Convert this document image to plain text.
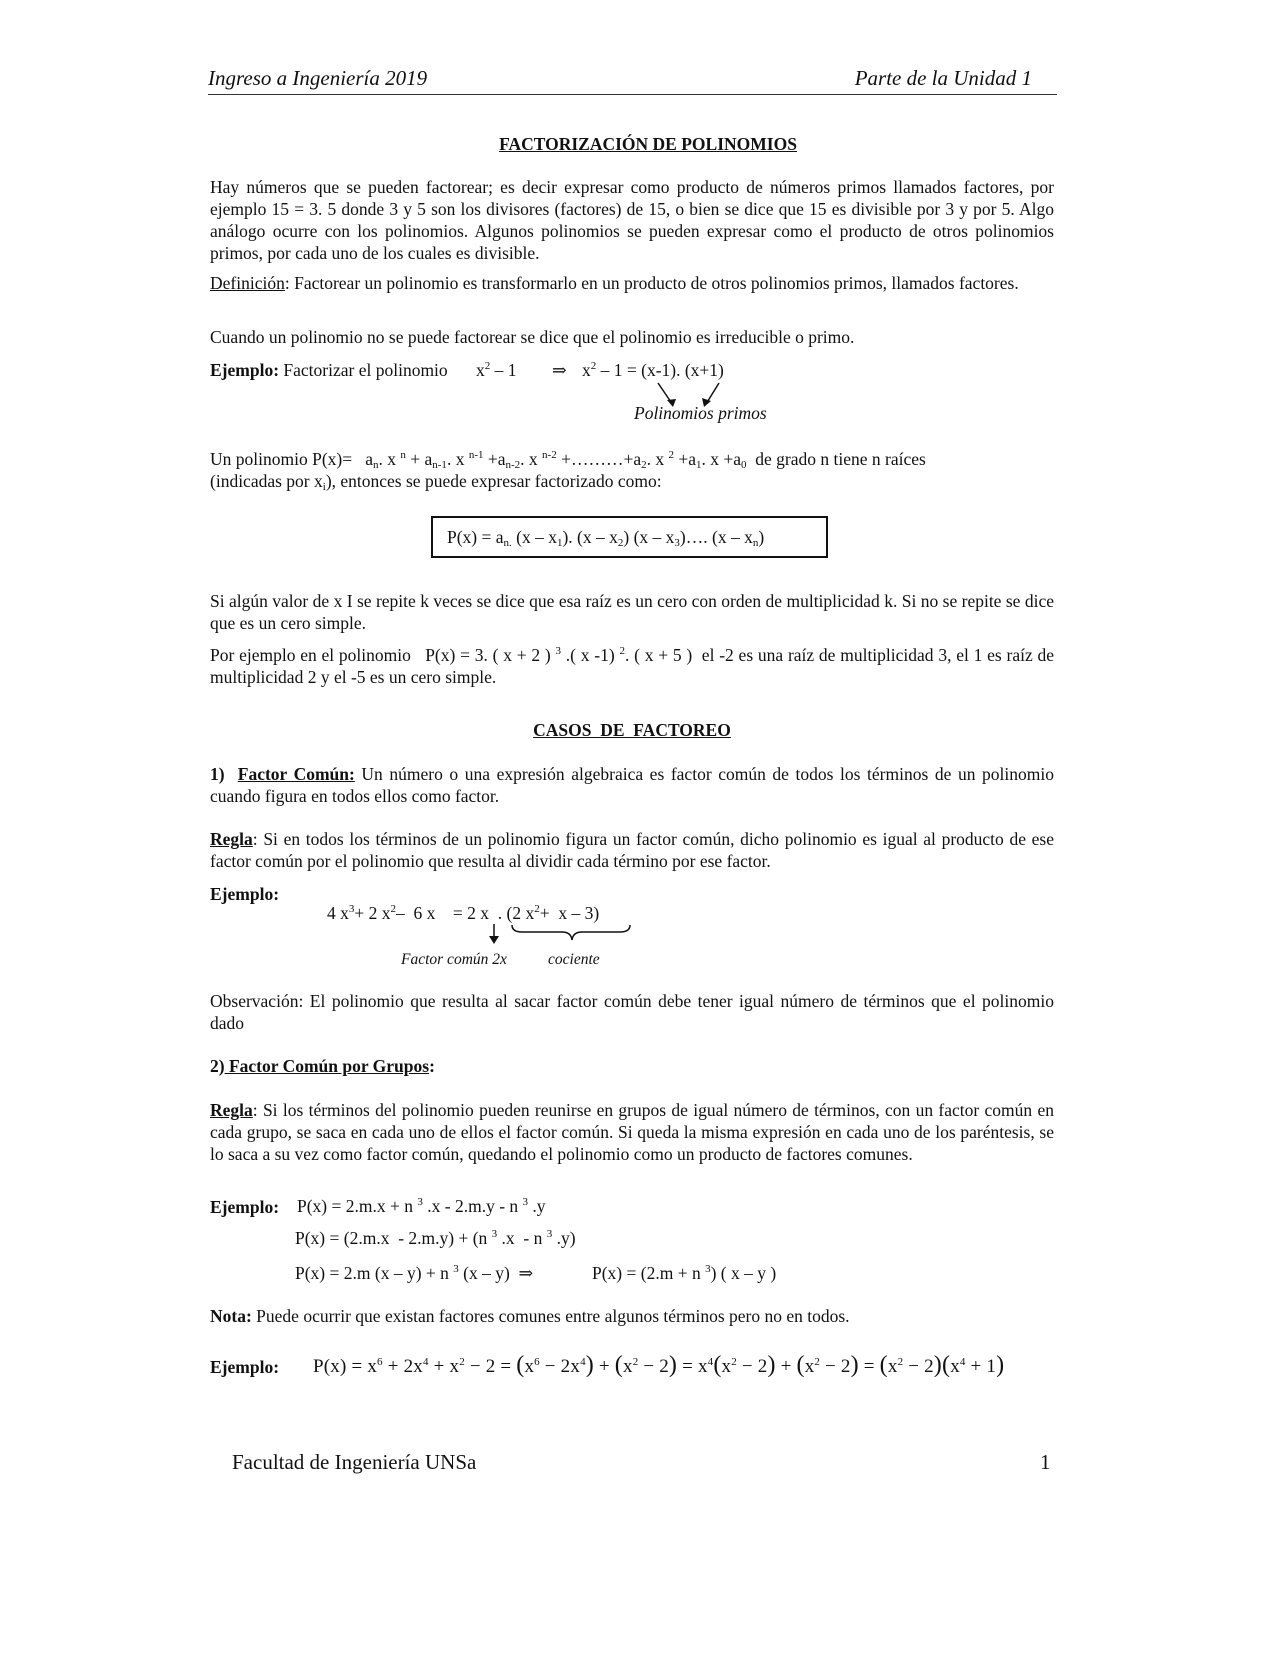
Ingreso a Ingeniería 2019	Parte de la Unidad 1
FACTORIZACIÓN DE POLINOMIOS
Hay números que se pueden factorear; es decir expresar como producto de números primos llamados factores, por ejemplo 15 = 3. 5 donde 3 y 5 son los divisores (factores) de 15, o bien se dice que 15 es divisible por 3 y por 5. Algo análogo ocurre con los polinomios. Algunos polinomios se pueden expresar como el producto de otros polinomios primos, por cada uno de los cuales es divisible.
Definición: Factorear un polinomio es transformarlo en un producto de otros polinomios primos, llamados factores.
Cuando un polinomio no se puede factorear se dice que el polinomio es irreducible o primo.
Ejemplo: Factorizar el polinomio $x^2 - 1$ ⇒ $x^2 - 1 = (x-1)$. (x+1)
Polinomios primos
Un polinomio $P(x)= a_n$. x $^n + a_{n-1}$. x $^{n-1} +a_{n-2}$. x $^{n-2} +\dots\dots\dots+a_2$. x $^2 +a_1$. $x +a_0$ de grado n tiene n raíces
(indicadas por $x_i$), entonces se puede expresar factorizado como:
$P(x) = a_{n.}$ $(x - x_1)$. $(x - x_2)$ $(x - x_3)\dots$. $(x - x_n)$
Si algún valor de x I se repite k veces se dice que esa raíz es un cero con orden de multiplicidad k. Si no se repite se dice que es un cero simple.
Por ejemplo en el polinomio   P(x) = 3. ( x + 2 ) $^3$ .( x -1) $^2$. ( x + 5 )  el -2 es una raíz de multiplicidad 3, el 1 es raíz de multiplicidad 2 y el -5 es un cero simple.
CASOS  DE  FACTOREO
1) Factor Común: Un número o una expresión algebraica es factor común de todos los términos de un polinomio cuando figura en todos ellos como factor.
Regla: Si en todos los términos de un polinomio figura un factor común, dicho polinomio es igual al producto de ese factor común por el polinomio que resulta al dividir cada término por ese factor.
Ejemplo:
4 $x^3+ 2$ $x^2-$  6 x    = 2 x  . (2 $x^2+ x - 3$)
Factor común 2x	cociente
Observación: El polinomio que resulta al sacar factor común debe tener igual número de términos que el polinomio dado
2) Factor Común por Grupos:
Regla: Si los términos del polinomio pueden reunirse en grupos de igual número de términos, con un factor común en cada grupo, se saca en cada uno de ellos el factor común. Si queda la misma expresión en cada uno de los paréntesis, se lo saca a su vez como factor común, quedando el polinomio como un producto de factores comunes.
Ejemplo: P(x) = 2.m.x + n $^3$ .x - 2.m.y - n $^3$ .y
P(x) = (2.m.x  - 2.m.y) + (n $^3$ .x  - n $^3$ .y)
P(x) = 2.m (x – y) + n $^3$ (x – y)  ⇒	P(x) = (2.m + n $^3$) ( x – y )
Nota: Puede ocurrir que existan factores comunes entre algunos términos pero no en todos.
Ejemplo: $P(x) = x^6 + 2x^4 + x^2 - 2 = (x^6 - 2x^4) + (x^2 - 2) = x^4(x^2 - 2) + (x^2 - 2) = (x^2 - 2)(x^4 + 1)$
Facultad de Ingeniería UNSa	1
